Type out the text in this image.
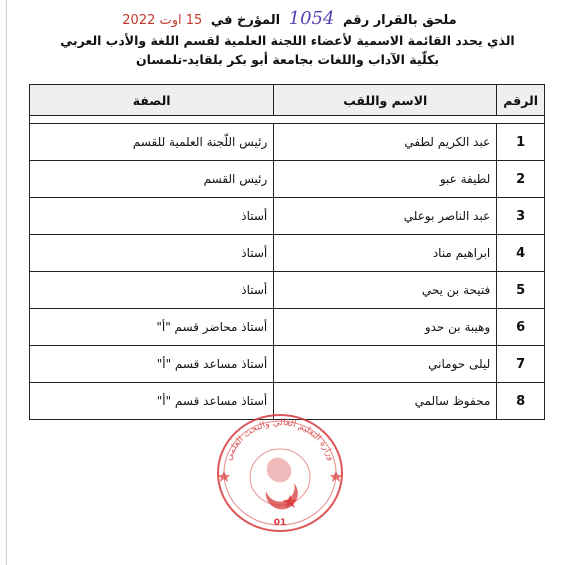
ملحق بالقرار رقم 1054 المؤرخ في 15 اوت 2022
الذي يحدد القائمة الاسمية لأعضاء اللجنة العلمية لقسم اللغة والأدب العربي
بكلّية الآداب واللغات بجامعة أبو بكر بلقايد-تلمسان
الرقم	الاسم واللقب	الصفة

1	عبد الكريم لطفي	رئيس اللّجنة العلمية للقسم
2	لطيفة عبو	رئيس القسم
3	عبد الناصر بوعلي	أستاذ
4	ابراهيم مناد	أستاذ
5	فتيحة بن يحي	أستاذ
6	وهيبة بن حدو	أستاذ محاضر قسم "أ"
7	ليلى حوماني	أستاذ مساعد قسم "أ"
8	محفوظ سالمي	أستاذ مساعد قسم "أ"
وزارة التعليم العالي والبحث العلمي
01
